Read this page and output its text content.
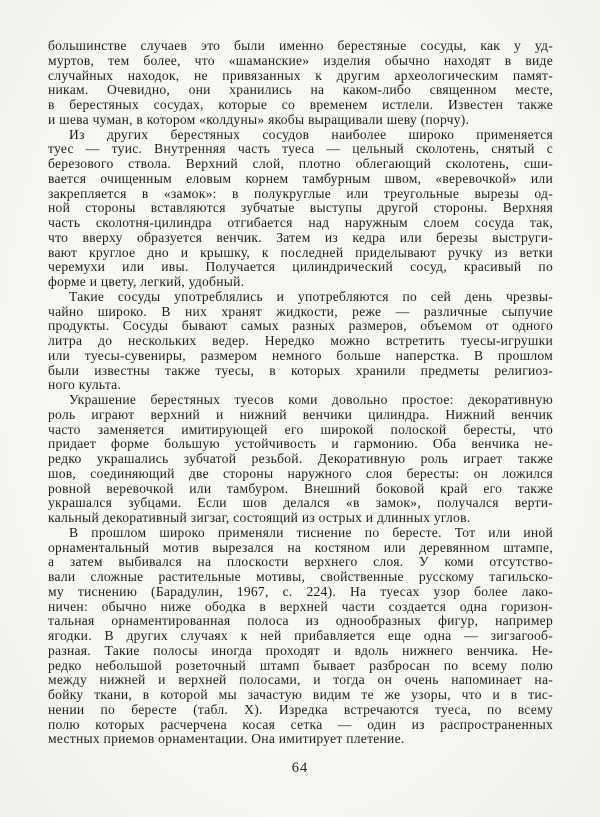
большинстве случаев это были именно берестяные сосуды, как у уд-
муртов, тем более, что «шаманские» изделия обычно находят в виде
случайных находок, не привязанных к другим археологическим памят-
никам. Очевидно, они хранились на каком-либо священном месте,
в берестяных сосудах, которые со временем истлели. Известен также
и шева чуман, в котором «колдуны» якобы выращивали шеву (порчу).
Из других берестяных сосудов наиболее широко применяется
туес — туис. Внутренняя часть туеса — цельный сколотень, снятый с
березового ствола. Верхний слой, плотно облегающий сколотень, сши-
вается очищенным еловым корнем тамбурным швом, «веревочкой» или
закрепляется в «замок»: в полукруглые или треугольные вырезы од-
ной стороны вставляются зубчатые выступы другой стороны. Верхняя
часть сколотня-цилиндра отгибается над наружным слоем сосуда так,
что вверху образуется венчик. Затем из кедра или березы выструги-
вают круглое дно и крышку, к последней приделывают ручку из ветки
черемухи или ивы. Получается цилиндрический сосуд, красивый по
форме и цвету, легкий, удобный.
Такие сосуды употреблялись и употребляются по сей день чрезвы-
чайно широко. В них хранят жидкости, реже — различные сыпучие
продукты. Сосуды бывают самых разных размеров, объемом от одного
литра до нескольких ведер. Нередко можно встретить туесы-игрушки
или туесы-сувениры, размером немного больше наперстка. В прошлом
были известны также туесы, в которых хранили предметы религиоз-
ного культа.
Украшение берестяных туесов коми довольно простое: декоративную
роль играют верхний и нижний венчики цилиндра. Нижний венчик
часто заменяется имитирующей его широкой полоской бересты, что
придает форме большую устойчивость и гармонию. Оба венчика не-
редко украшались зубчатой резьбой. Декоративную роль играет также
шов, соединяющий две стороны наружного слоя бересты: он ложился
ровной веревочкой или тамбуром. Внешний боковой край его также
украшался зубцами. Если шов делался «в замок», получался верти-
кальный декоративный зигзаг, состоящий из острых и длинных углов.
В прошлом широко применяли тиснение по бересте. Тот или иной
орнаментальный мотив вырезался на костяном или деревянном штампе,
а затем выбивался на плоскости верхнего слоя. У коми отсутство-
вали сложные растительные мотивы, свойственные русскому тагильско-
му тиснению (Барадулин, 1967, с. 224). На туесах узор более лако-
ничен: обычно ниже ободка в верхней части создается одна горизон-
тальная орнаментированная полоса из однообразных фигур, например
ягодки. В других случаях к ней прибавляется еще одна — зигзагооб-
разная. Такие полосы иногда проходят и вдоль нижнего венчика. Не-
редко небольшой розеточный штамп бывает разбросан по всему полю
между нижней и верхней полосами, и тогда он очень напоминает на-
бойку ткани, в которой мы зачастую видим те же узоры, что и в тис-
нении по бересте (табл. X). Изредка встречаются туеса, по всему
полю которых расчерчена косая сетка — один из распространенных
местных приемов орнаментации. Она имитирует плетение.
64
